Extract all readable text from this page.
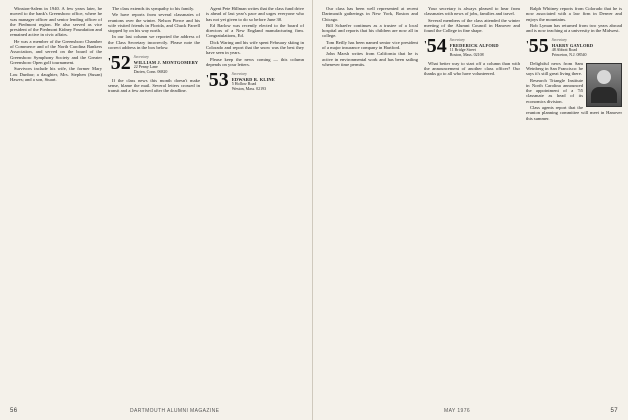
Winston-Salem in 1940. A few years later, he moved to the bank's Greensboro office, where he was manager officer and senior lending officer of the Piedmont region. He also served as vice president of the Piedmont Kidney Foundation and remained active in civic affairs.

He was a member of the Greensboro Chamber of Commerce and of the North Carolina Bankers Association, and served on the board of the Greensboro Symphony Society and the Greater Greensboro Open golf tournament.

Survivors include his wife, the former Mary Lou Dunbar; a daughter, Mrs. Stephen (Susan) Hawes; and a son, Stuart.

The class extends its sympathy to his family.

We have reports from several classmates of reunions over the winter. Nelson Pierce and his wife visited friends in Florida, and Chuck Farrell stopped by on his way north.

In our last column we reported the address of the Class Secretary incorrectly. Please note the correct address in the box below.

'52 Secretary
WILLIAM J. MONTGOMERY
22 Penny Lane
Darien, Conn. 06820

If the class news this month doesn't make sense, blame the mail. Several letters crossed in transit and a few arrived after the deadline.

Agent Pete Hillman writes that the class fund drive is ahead of last year's pace and urges everyone who has not yet given to do so before June 30.

Ed Barlow was recently elected to the board of directors of a New England manufacturing firm. Congratulations, Ed.

Dick Waring and his wife spent February skiing in Colorado and report that the snow was the best they have seen in years.

Please keep the news coming — this column depends on your letters.

'53 Secretary
EDWARD R. KLINE
5 Hollow Road
Weston, Mass. 02193
56	DARTMOUTH ALUMNI MAGAZINE

Our class has been well represented at recent Dartmouth gatherings in New York, Boston and Chicago.

Bill Schaefer continues as a trustee of a local hospital and reports that his children are now all in college.

Tom Reilly has been named senior vice president of a major insurance company in Hartford.

John Marsh writes from California that he is active in environmental work and has been sailing whenever time permits.

Your secretary is always pleased to hear from classmates with news of jobs, families and travel.

Several members of the class attended the winter meeting of the Alumni Council in Hanover and found the College in fine shape.

'54 Secretary
FREDERICK ALFORD
11 Bridge Street
Boston, Mass. 02108

What better way to start off a column than with the announcement of another class officer? Our thanks go to all who have volunteered.

Ralph Whitney reports from Colorado that he is now associated with a law firm in Denver and enjoys the mountains.

Bob Lyman has returned from two years abroad and is now teaching at a university in the Midwest.

'55 Secretary
HARRY GAYLORD
48 Abbott Road
Princeton, N.J. 08540

Delightful news from Sam Weinberg in San Francisco: he says it's still great living there.

Research Triangle Institute in North Carolina announced the appointment of a '55 classmate as head of its economics division.

Class agents report that the reunion planning committee will meet in Hanover this summer.

MAY 1976	57
